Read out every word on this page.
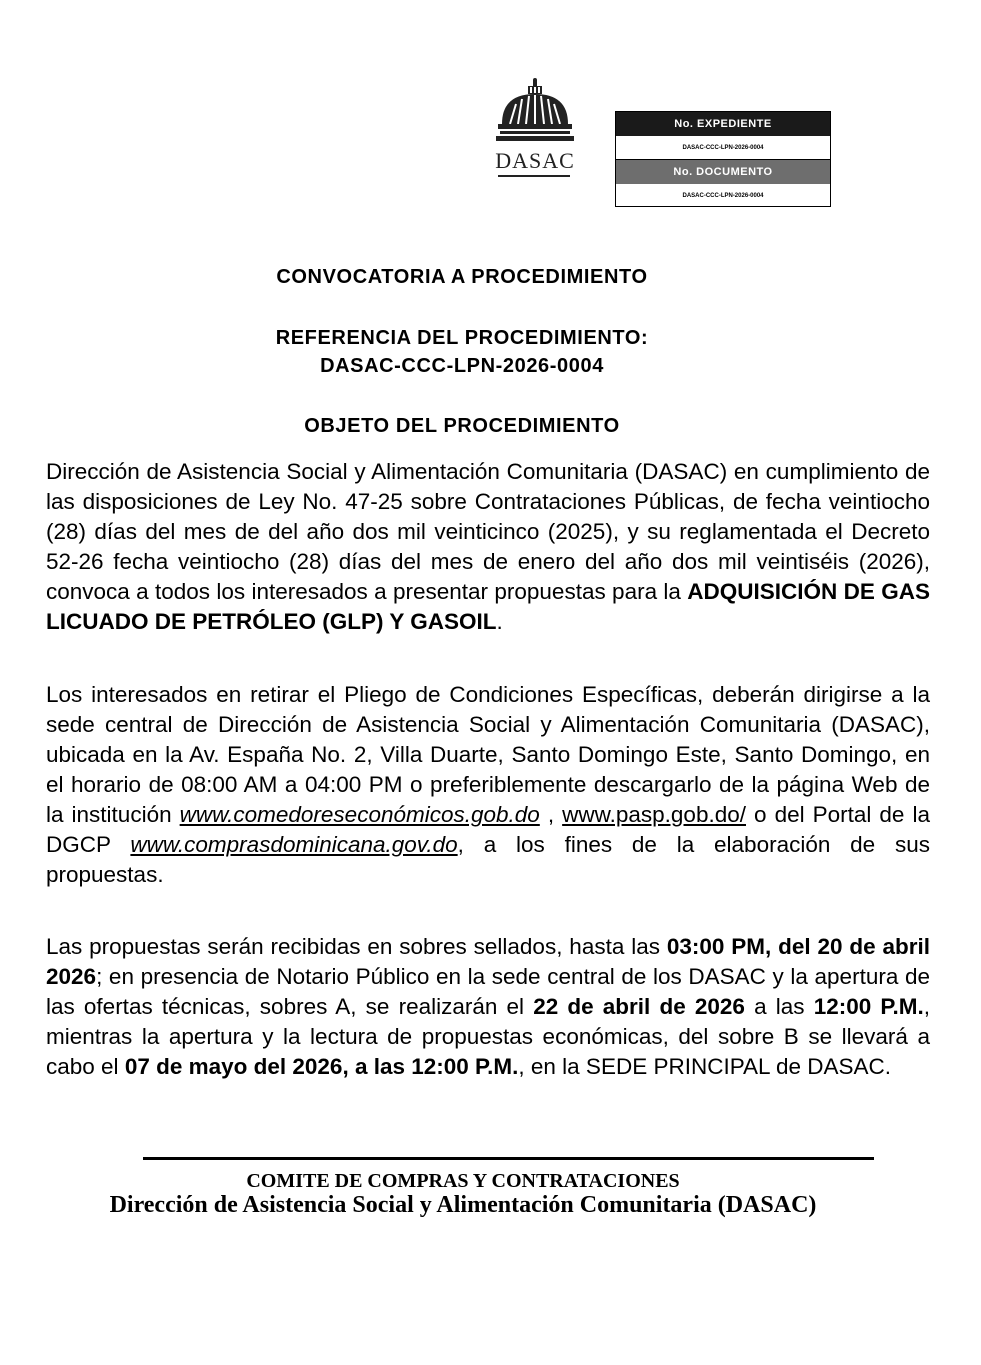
DASAC
No. EXPEDIENTE
DASAC-CCC-LPN-2026-0004
No. DOCUMENTO
DASAC-CCC-LPN-2026-0004
CONVOCATORIA A PROCEDIMIENTO
REFERENCIA DEL PROCEDIMIENTO:
DASAC-CCC-LPN-2026-0004
OBJETO DEL PROCEDIMIENTO
Dirección de Asistencia Social y Alimentación Comunitaria (DASAC) en cumplimiento de las disposiciones de Ley No. 47-25 sobre Contrataciones Públicas, de fecha veintiocho (28) días del mes de del año dos mil veinticinco (2025), y su reglamentada el Decreto 52-26 fecha veintiocho (28) días del mes de enero del año dos mil veintiséis (2026), convoca a todos los interesados a presentar propuestas para la ADQUISICIÓN DE GAS LICUADO DE PETRÓLEO (GLP) Y GASOIL.
Los interesados en retirar el Pliego de Condiciones Específicas, deberán dirigirse a la sede central de Dirección de Asistencia Social y Alimentación Comunitaria (DASAC), ubicada en la Av. España No. 2, Villa Duarte, Santo Domingo Este, Santo Domingo, en el horario de 08:00 AM a 04:00 PM o preferiblemente descargarlo de la página Web de la institución www.comedoreseconómicos.gob.do , www.pasp.gob.do/ o del Portal de la DGCP www.comprasdominicana.gov.do, a los fines de la elaboración de sus propuestas.
Las propuestas serán recibidas en sobres sellados, hasta las 03:00 PM, del 20 de abril 2026; en presencia de Notario Público en la sede central de los DASAC y la apertura de las ofertas técnicas, sobres A, se realizarán el 22 de abril de 2026 a las 12:00 P.M., mientras la apertura y la lectura de propuestas económicas, del sobre B se llevará a cabo el 07 de mayo del 2026, a las 12:00 P.M., en la SEDE PRINCIPAL de DASAC.
COMITE DE COMPRAS Y CONTRATACIONES
Dirección de Asistencia Social y Alimentación Comunitaria (DASAC)
